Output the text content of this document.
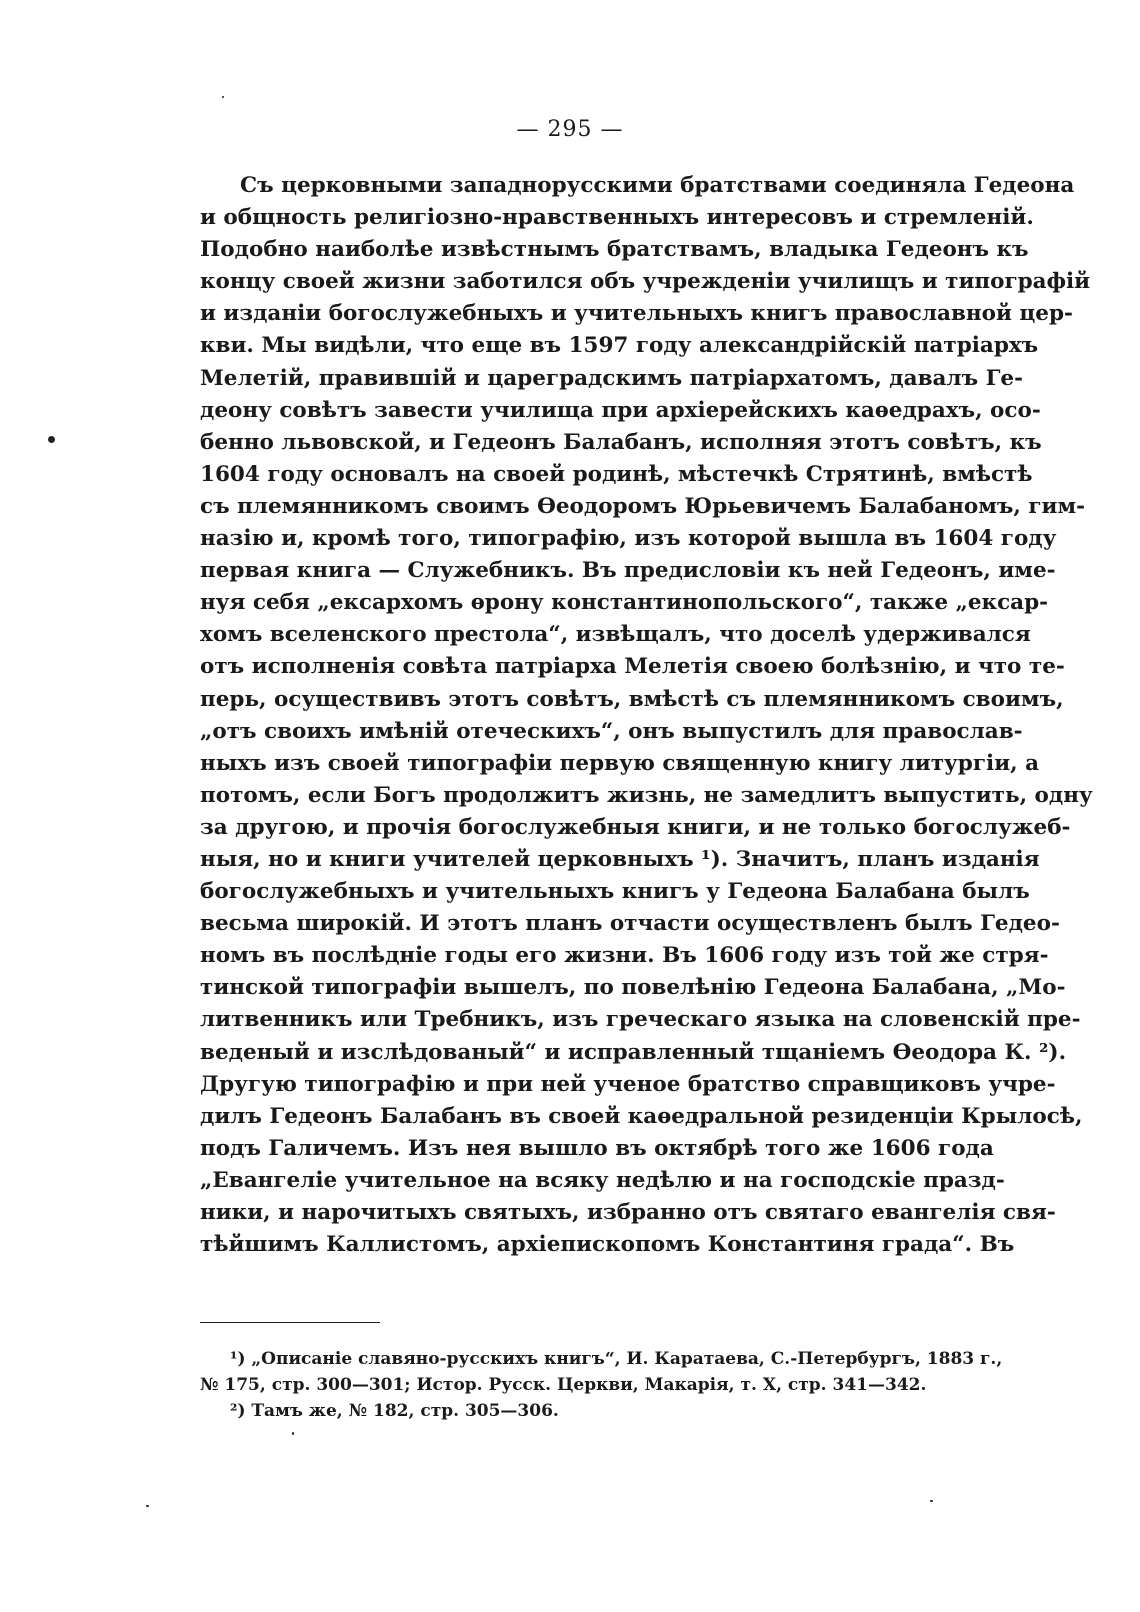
— 295 —
Съ церковными западнорусскими братствами соединяла Гедеона
и общность религіозно-нравственныхъ интересовъ и стремленій.
Подобно наиболѣе извѣстнымъ братствамъ, владыка Гедеонъ къ
концу своей жизни заботился объ учрежденіи училищъ и типографій
и изданіи богослужебныхъ и учительныхъ книгъ православной цер-
кви. Мы видѣли, что еще въ 1597 году александрійскій патріархъ
Мелетій, правившій и цареградскимъ патріархатомъ, давалъ Ге-
деону совѣтъ завести училища при архіерейскихъ каѳедрахъ, осо-
бенно львовской, и Гедеонъ Балабанъ, исполняя этотъ совѣтъ, къ
1604 году основалъ на своей родинѣ, мѣстечкѣ Стрятинѣ, вмѣстѣ
съ племянникомъ своимъ Ѳеодоромъ Юрьевичемъ Балабаномъ, гим-
назію и, кромѣ того, типографію, изъ которой вышла въ 1604 году
первая книга — Служебникъ. Въ предисловіи къ ней Гедеонъ, име-
нуя себя „ексархомъ ѳрону константинопольского“, также „ексар-
хомъ вселенского престола“, извѣщалъ, что доселѣ удерживался
отъ исполненія совѣта патріарха Мелетія своею болѣзнію, и что те-
перь, осуществивъ этотъ совѣтъ, вмѣстѣ съ племянникомъ своимъ,
„отъ своихъ имѣній отеческихъ“, онъ выпустилъ для православ-
ныхъ изъ своей типографіи первую священную книгу литургіи, а
потомъ, если Богъ продолжитъ жизнь, не замедлитъ выпустить, одну
за другою, и прочія богослужебныя книги, и не только богослужеб-
ныя, но и книги учителей церковныхъ ¹). Значитъ, планъ изданія
богослужебныхъ и учительныхъ книгъ у Гедеона Балабана былъ
весьма широкій. И этотъ планъ отчасти осуществленъ былъ Гедео-
номъ въ послѣдніе годы его жизни. Въ 1606 году изъ той же стря-
тинской типографіи вышелъ, по повелѣнію Гедеона Балабана, „Мо-
литвенникъ или Требникъ, изъ греческаго языка на словенскій пре-
веденый и изслѣдованый“ и исправленный тщаніемъ Ѳеодора К. ²).
Другую типографію и при ней ученое братство справщиковъ учре-
дилъ Гедеонъ Балабанъ въ своей каѳедральной резиденціи Крылосѣ,
подъ Галичемъ. Изъ нея вышло въ октябрѣ того же 1606 года
„Евангеліе учительное на всяку недѣлю и на господскіе празд-
ники, и нарочитыхъ святыхъ, избранно отъ святаго евангелія свя-
тѣйшимъ Каллистомъ, архіепископомъ Константиня града“. Въ
¹) „Описаніе славяно-русскихъ книгъ“, И. Каратаева, С.-Петербургъ, 1883 г.,
№ 175, стр. 300—301; Истор. Русск. Церкви, Макарія, т. X, стр. 341—342.
²) Тамъ же, № 182, стр. 305—306.
